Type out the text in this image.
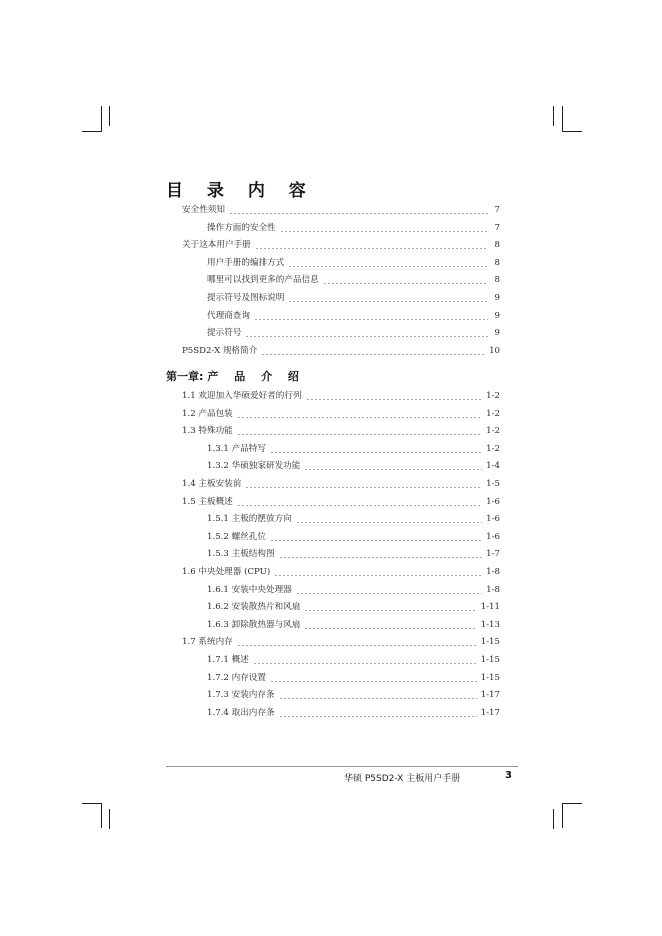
目 录 内 容
安全性须知	7
操作方面的安全性	7
关于这本用户手册	8
用户手册的编排方式	8
哪里可以找到更多的产品信息	8
提示符号及图标说明	9
代理商查询	9
提示符号	9
P5SD2-X 规格简介	10
第一章: 产 品 介 绍
1.1 欢迎加入华硕爱好者的行列	1-2
1.2 产品包装	1-2
1.3 特殊功能	1-2
1.3.1 产品特写	1-2
1.3.2 华硕独家研发功能	1-4
1.4 主板安装前	1-5
1.5 主板概述	1-6
1.5.1 主板的摆放方向	1-6
1.5.2 螺丝孔位	1-6
1.5.3 主板结构图	1-7
1.6 中央处理器 (CPU)	1-8
1.6.1 安装中央处理器	1-8
1.6.2 安装散热片和风扇	1-11
1.6.3 卸除散热器与风扇	1-13
1.7 系统内存	1-15
1.7.1 概述	1-15
1.7.2 内存设置	1-15
1.7.3 安装内存条	1-17
1.7.4 取出内存条	1-17
华硕 P5SD2-X 主板用户手册	3
